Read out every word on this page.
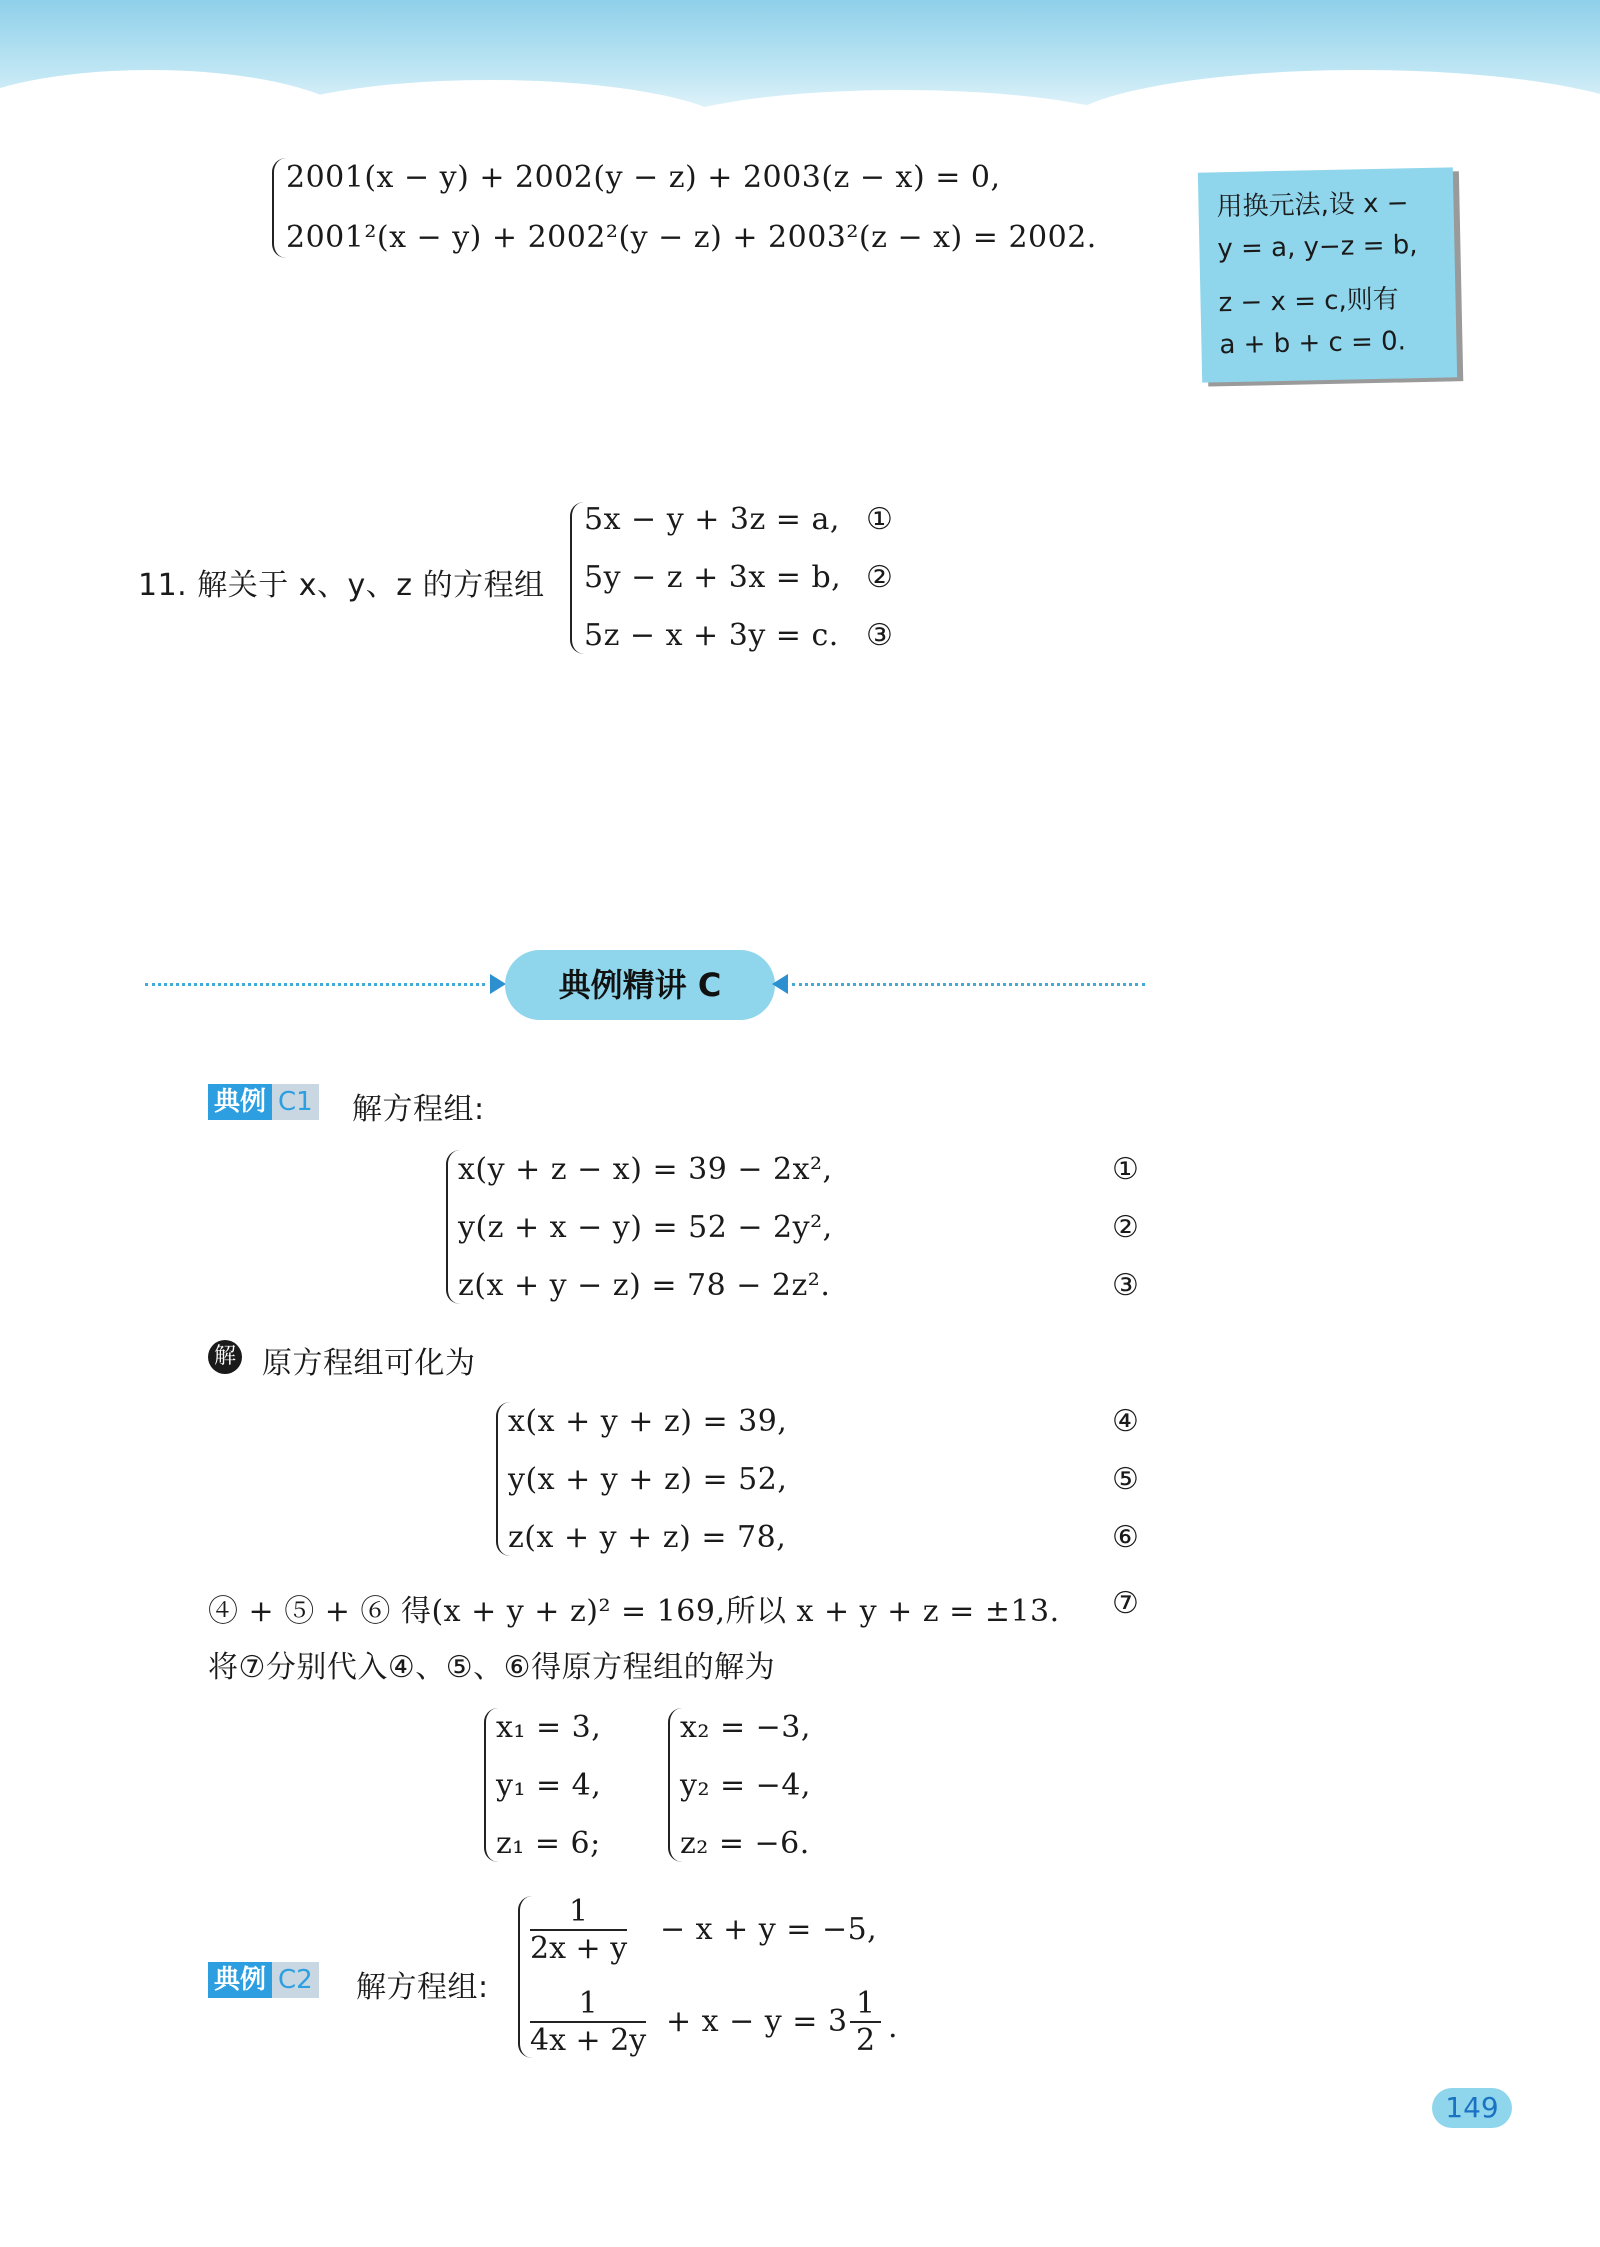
2001(x − y) + 2002(y − z) + 2003(z − x) = 0,
2001²(x − y) + 2002²(y − z) + 2003²(z − x) = 2002.
用换元法,设 x −
y = a, y−z = b,
z − x = c,则有
a + b + c = 0.
11. 解关于 x、y、z 的方程组
5x − y + 3z = a,
5y − z + 3x = b,
5z − x + 3y = c.
①
②
③
典例精讲 C
典例 C1 解方程组:
x(y + z − x) = 39 − 2x²,
y(z + x − y) = 52 − 2y²,
z(x + y − z) = 78 − 2z².
①
②
③
解 原方程组可化为
x(x + y + z) = 39,
y(x + y + z) = 52,
z(x + y + z) = 78,
④
⑤
⑥
④ + ⑤ + ⑥ 得(x + y + z)² = 169,所以 x + y + z = ±13. ⑦
将⑦分别代入④、⑤、⑥得原方程组的解为
x₁ = 3,
y₁ = 4,
z₁ = 6;
x₂ = −3,
y₂ = −4,
z₂ = −6.
典例 C2 解方程组:
$\frac{1}{2x + y} - x + y = -5$,
$\frac{1}{4x + 2y} + x - y = 3 \frac{1}{2}$ .
149
